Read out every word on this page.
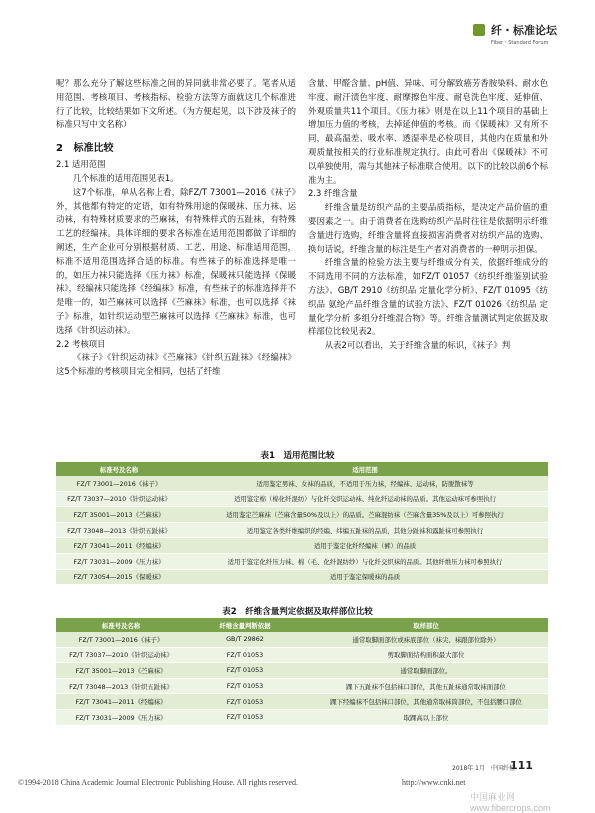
纤・标准论坛
Fiber・Standard Forum

呢？那么充分了解这些标准之间的异同就非常必要了。笔者从适用范围、考核项目、考核指标、检验方法等方面就这几个标准进行了比较，比较结果如下文所述。（为方便起见，以下涉及袜子的标准只写中文名称）

2 标准比较

2.1 适用范围

几个标准的适用范围见表1。

这7个标准，单从名称上看，除FZ/T 73001—2016《袜子》外，其他都有特定的定语，如有特殊用途的保暖袜、压力袜、运动袜，有特殊材质要求的苎麻袜，有特殊样式的五趾袜，有特殊工艺的经编袜。具体详细的要求各标准在适用范围都做了详细的阐述，生产企业可分别根据材质、工艺、用途、标准适用范围，标准不适用范围选择合适的标准。有些袜子的标准选择是唯一的，如压力袜只能选择《压力袜》标准，保暖袜只能选择《保暖袜》，经编袜只能选择《经编袜》标准，有些袜子的标准选择并不是唯一的，如苎麻袜可以选择《苎麻袜》标准，也可以选择《袜子》标准，如针织运动型苎麻袜可以选择《苎麻袜》标准，也可选择《针织运动袜》。

2.2 考核项目

《袜子》《针织运动袜》《苎麻袜》《针织五趾袜》《经编袜》这5个标准的考核项目完全相同，包括了纤维

含量、甲醛含量、pH值、异味、可分解致癌芳香胺染料、耐水色牢度、耐汗渍色牢度、耐摩擦色牢度、耐皂洗色牢度、延伸值、外观质量共11个项目。《压力袜》则是在以上11个项目的基础上增加压力值的考核，去掉延伸值的考核。而《保暖袜》又有所不同，最高温差、吸水率、透湿率是必检项目，其他内在质量和外观质量按相关的行业标准规定执行。由此可看出《保暖袜》不可以单独使用，需与其他袜子标准联合使用。以下的比较以前6个标准为主。

2.3 纤维含量

纤维含量是纺织产品的主要品质指标，是决定产品价值的重要因素之一。由于消费者在选购纺织产品时往往是依据明示纤维含量进行选购，纤维含量将直接损害消费者对纺织产品的选购、换句话说，纤维含量的标注是生产者对消费者的一种明示担保。

纤维含量的检验方法主要与纤维成分有关，依据纤维成分的不同选用不同的方法标准，如FZ/T 01057《纺织纤维鉴别试验方法》、GB/T 2910《纺织品 定量化学分析》、FZ/T 01095《纺织品 氨纶产品纤维含量的试验方法》、FZ/T 01026《纺织品 定量化学分析 多组分纤维混合物》等。纤维含量测试判定依据及取样部位比较见表2。

从表2可以看出，关于纤维含量的标识，《袜子》判

表1　适用范围比较
标准号及名称	适用范围
FZ/T 73001—2016《袜子》	适用鉴定男袜、女袜的品质，不适用于压力袜，经编袜、运动袜，防脱散袜等
FZ/T 73037—2010《针织运动袜》	适用鉴定棉（棉化纤混纺）与化纤交织运动袜、纯化纤运动袜的品质。其他运动袜可参照执行
FZ/T 35001—2013《苎麻袜》	适用鉴定苎麻袜（苎麻含量50%及以上）的品质。苎麻混纺袜（苎麻含量35%及以上）可参照执行
FZ/T 73048—2013《针织五趾袜》	适用鉴定各类纤维编织的经编、纬编五趾袜的品质，其他分趾袜和露趾袜可参照执行
FZ/T 73041—2011《经编袜》	适用于鉴定化纤经编袜（裤）的品质
FZ/T 73031—2009《压力袜》	适用于鉴定化纤压力袜、棉（毛、化纤混纺纱）与化纤交织袜的品质。其他纤维压力袜可参照执行
FZ/T 73054—2015《保暖袜》	适用于鉴定保暖袜的品质
表2　纤维含量判定依据及取样部位比较
标准号及名称	纤维含量判断依据	取样部位
FZ/T 73001—2016《袜子》	GB/T 29862	通常取脚面部位或袜底部位（袜尖、袜跟部位除外）
FZ/T 73037—2010《针织运动袜》	FZ/T 01053	剪取脚面结构面积最大部位
FZ/T 35001—2013《苎麻袜》	FZ/T 01053	通常取脚面部位。
FZ/T 73048—2013《针织五趾袜》	FZ/T 01053	踝下五趾袜不包括袜口部位，其他五趾袜通常取袜面部位
FZ/T 73041—2011《经编袜》	FZ/T 01053	踝下经编袜不包括袜口部位，其他通常取袜筒部位，不包括腰口部位
FZ/T 73031—2009《压力袜》	FZ/T 01053	取踝高以上部位
2018年 1月　中国纤检
111
©1994-2018 China Academic Journal Electronic Publishing House. All rights reserved.	http://www.cnki.net
中国麻业网 www.fibercrops.com
